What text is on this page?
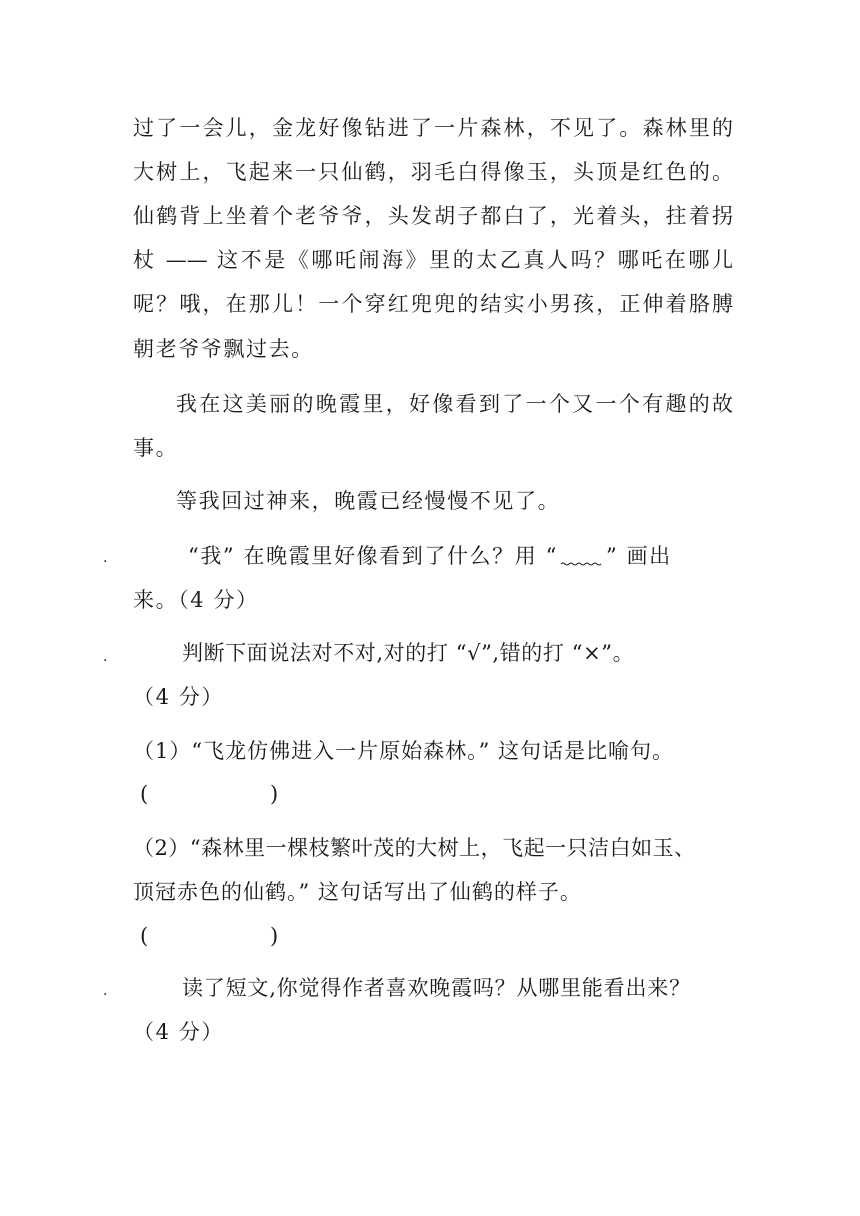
过了一会儿，金龙好像钻进了一片森林，不见了。森林里的
大树上，飞起来一只仙鹤，羽毛白得像玉，头顶是红色的。
仙鹤背上坐着个老爷爷，头发胡子都白了，光着头，拄着拐
杖 —— 这不是《哪吒闹海》里的太乙真人吗？哪吒在哪儿
呢？哦，在那儿！一个穿红兜兜的结实小男孩，正伸着胳膊
朝老爷爷飘过去。
我在这美丽的晚霞里，好像看到了一个又一个有趣的故
事。
等我回过神来，晚霞已经慢慢不见了。
.	“我” 在晚霞里好像看到了什么？用 “ ” 画出
来。（4 分）
.	判断下面说法对不对,对的打 “√”,错的打 “×”。
（4 分）
（1）“飞龙仿佛进入一片原始森林。” 这句话是比喻句。
(	)
（2）“森林里一棵枝繁叶茂的大树上，飞起一只洁白如玉、
顶冠赤色的仙鹤。” 这句话写出了仙鹤的样子。
(	)
.	读了短文,你觉得作者喜欢晚霞吗？从哪里能看出来？
（4 分）
